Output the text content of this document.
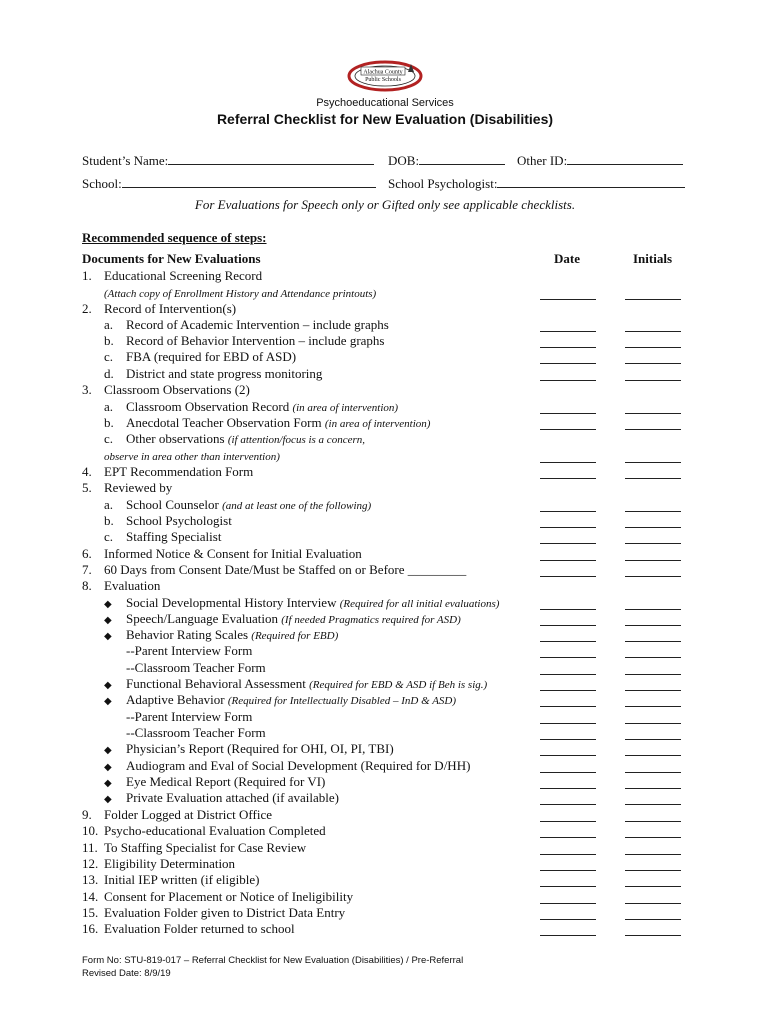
Alachua County
Public Schools
Psychoeducational Services
Referral Checklist for New Evaluation (Disabilities)
Student’s Name:	DOB:	Other ID:
School:	School Psychologist:
For Evaluations for Speech only or Gifted only see applicable checklists.
Recommended sequence of steps:
Documents for New Evaluations	Date	Initials
1. Educational Screening Record
(Attach copy of Enrollment History and Attendance printouts)
2. Record of Intervention(s)
a. Record of Academic Intervention – include graphs
b. Record of Behavior Intervention – include graphs
c. FBA (required for EBD of ASD)
d. District and state progress monitoring
3. Classroom Observations (2)
a. Classroom Observation Record (in area of intervention)
b. Anecdotal Teacher Observation Form (in area of intervention)
c. Other observations (if attention/focus is a concern,
observe in area other than intervention)
4. EPT Recommendation Form
5. Reviewed by
a. School Counselor (and at least one of the following)
b. School Psychologist
c. Staffing Specialist
6. Informed Notice & Consent for Initial Evaluation
7. 60 Days from Consent Date/Must be Staffed on or Before _________
8. Evaluation
◆ Social Developmental History Interview (Required for all initial evaluations)
◆ Speech/Language Evaluation (If needed Pragmatics required for ASD)
◆ Behavior Rating Scales (Required for EBD)
--Parent Interview Form
--Classroom Teacher Form
◆ Functional Behavioral Assessment (Required for EBD & ASD if Beh is sig.)
◆ Adaptive Behavior (Required for Intellectually Disabled – InD & ASD)
--Parent Interview Form
--Classroom Teacher Form
◆ Physician’s Report (Required for OHI, OI, PI, TBI)
◆ Audiogram and Eval of Social Development (Required for D/HH)
◆ Eye Medical Report (Required for VI)
◆ Private Evaluation attached (if available)
9. Folder Logged at District Office
10. Psycho-educational Evaluation Completed
11. To Staffing Specialist for Case Review
12. Eligibility Determination
13. Initial IEP written (if eligible)
14. Consent for Placement or Notice of Ineligibility
15. Evaluation Folder given to District Data Entry
16. Evaluation Folder returned to school
Form No: STU-819-017 – Referral Checklist for New Evaluation (Disabilities) / Pre-Referral
Revised Date: 8/9/19
